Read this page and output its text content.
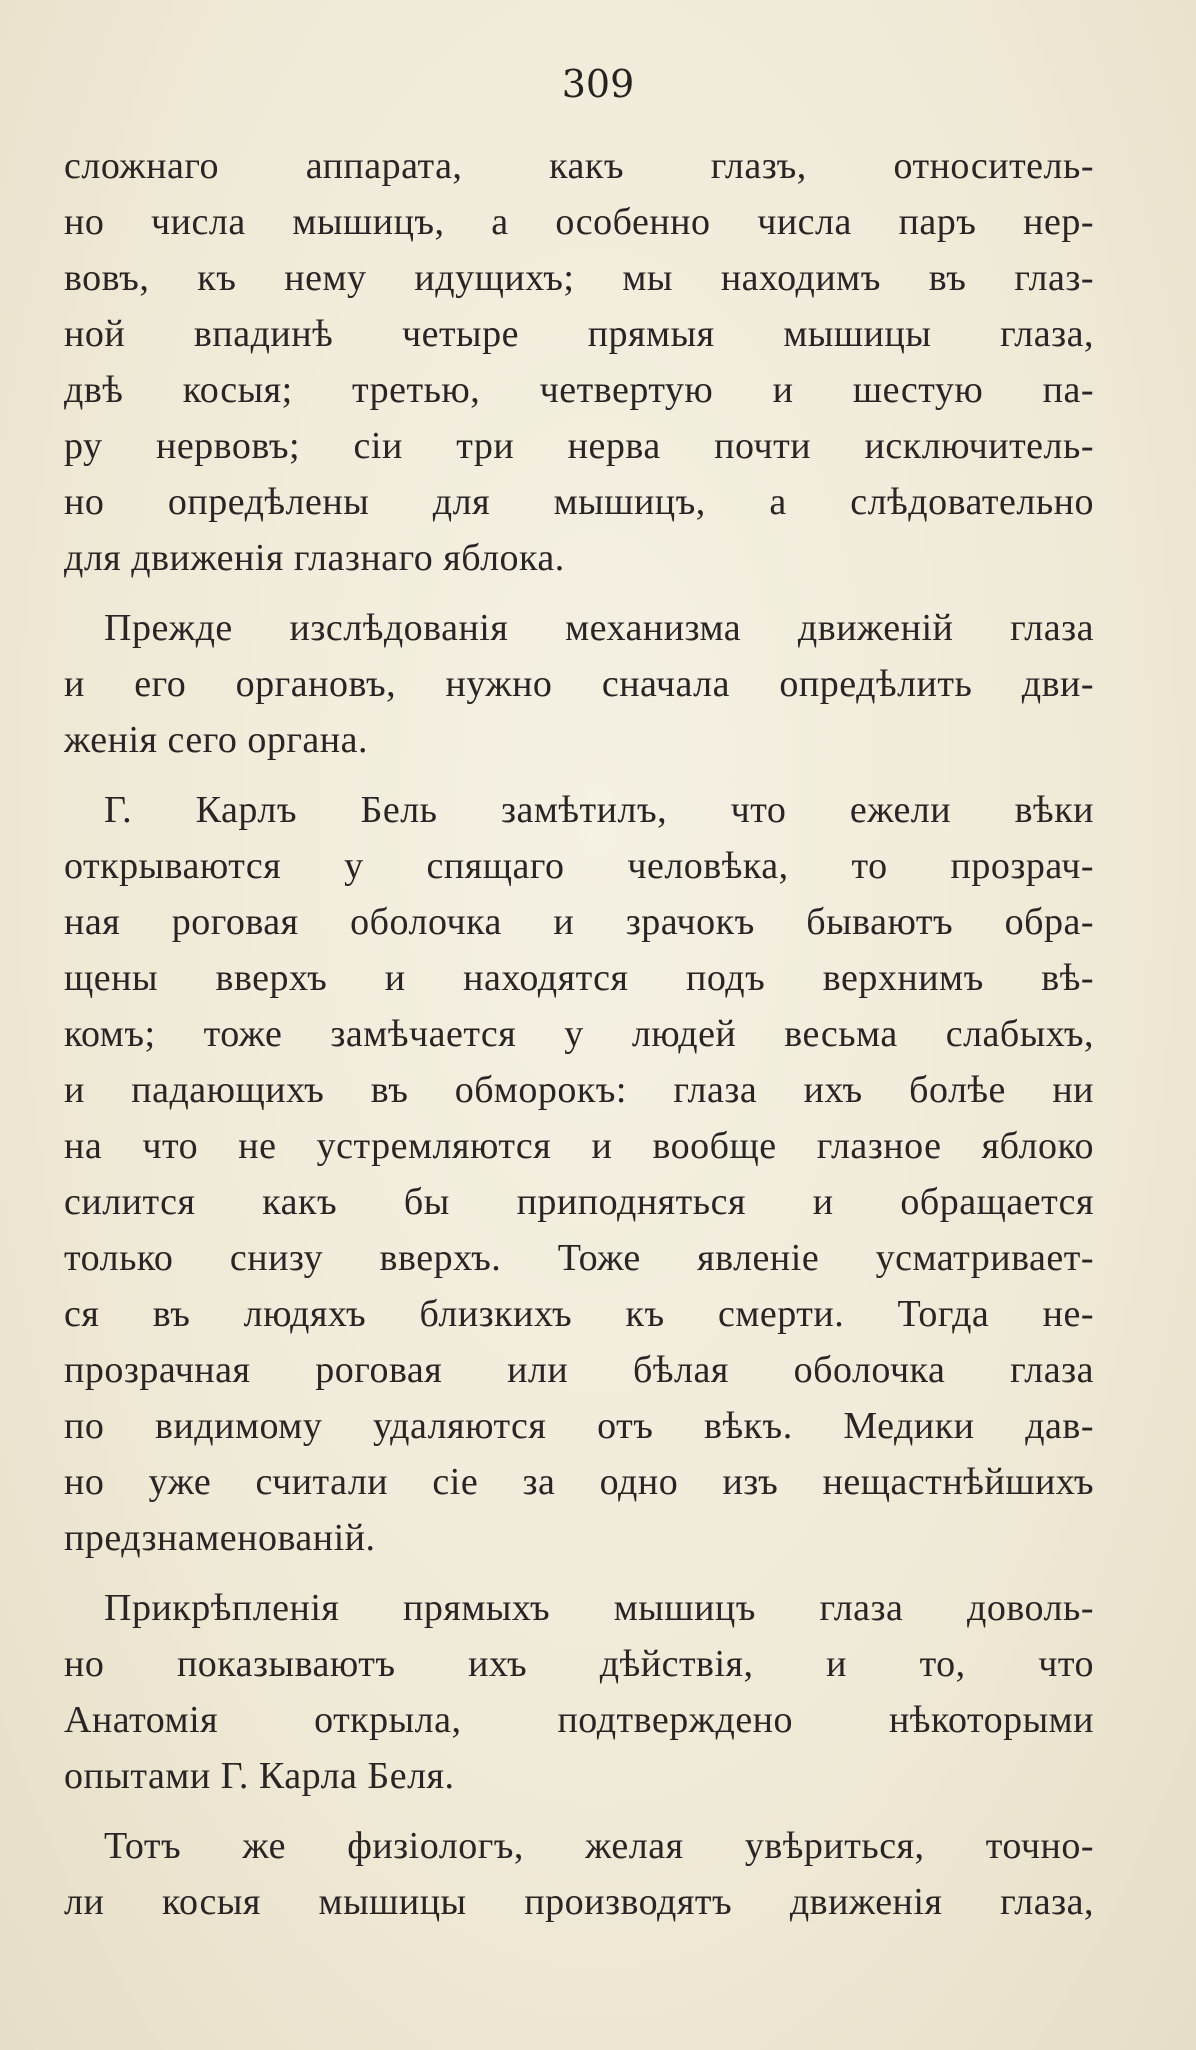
309
сложнаго аппарата, какъ глазъ, относитель-
но числа мышицъ, а особенно числа паръ нер-
вовъ, къ нему идущихъ; мы находимъ въ глаз-
ной впадинѣ четыре прямыя мышицы глаза,
двѣ косыя; третью, четвертую и шестую па-
ру нервовъ; сіи три нерва почти исключитель-
но опредѣлены для мышицъ, а слѣдовательно
для движенія глазнаго яблока.
Прежде изслѣдованія механизма движеній глаза
и его органовъ, нужно сначала опредѣлить дви-
женія сего органа.
Г. Карлъ Бель замѣтилъ, что ежели вѣки
открываются у спящаго человѣка, то прозрач-
ная роговая оболочка и зрачокъ бываютъ обра-
щены вверхъ и находятся подъ верхнимъ вѣ-
комъ; тоже замѣчается у людей весьма слабыхъ,
и падающихъ въ обморокъ: глаза ихъ болѣе ни
на что не устремляются и вообще глазное яблоко
силится какъ бы приподняться и обращается
только снизу вверхъ. Тоже явленіе усматривает-
ся въ людяхъ близкихъ къ смерти. Тогда не-
прозрачная роговая или бѣлая оболочка глаза
по видимому удаляются отъ вѣкъ. Медики дав-
но уже считали сіе за одно изъ нещастнѣйшихъ
предзнаменованій.
Прикрѣпленія прямыхъ мышицъ глаза доволь-
но показываютъ ихъ дѣйствія, и то, что
Анатомія открыла, подтверждено нѣкоторыми
опытами Г. Карла Беля.
Тотъ же физіологъ, желая увѣриться, точно-
ли косыя мышицы производятъ движенія глаза,
